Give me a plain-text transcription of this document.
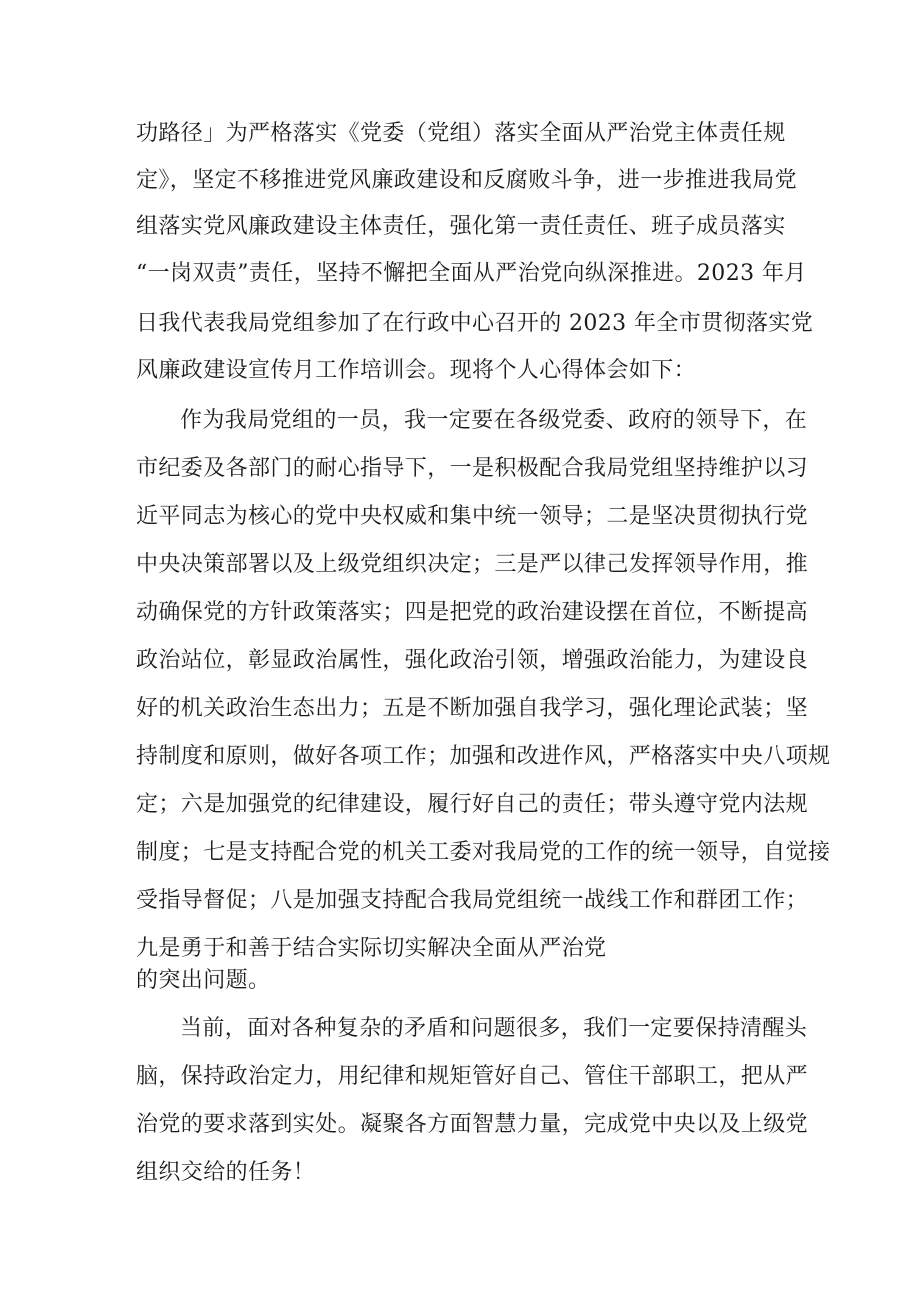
功路径」为严格落实《党委（党组）落实全面从严治党主体责任规
定》，坚定不移推进党风廉政建设和反腐败斗争，进一步推进我局党
组落实党风廉政建设主体责任，强化第一责任责任、班子成员落实
“一岗双责”责任，坚持不懈把全面从严治党向纵深推进。2023 年月
日我代表我局党组参加了在行政中心召开的 2023 年全市贯彻落实党
风廉政建设宣传月工作培训会。现将个人心得体会如下：
作为我局党组的一员，我一定要在各级党委、政府的领导下，在
市纪委及各部门的耐心指导下，一是积极配合我局党组坚持维护以习
近平同志为核心的党中央权威和集中统一领导；二是坚决贯彻执行党
中央决策部署以及上级党组织决定；三是严以律己发挥领导作用，推
动确保党的方针政策落实；四是把党的政治建设摆在首位，不断提高
政治站位，彰显政治属性，强化政治引领，增强政治能力，为建设良
好的机关政治生态出力；五是不断加强自我学习，强化理论武装；坚
持制度和原则，做好各项工作；加强和改进作风，严格落实中央八项规
定；六是加强党的纪律建设，履行好自己的责任；带头遵守党内法规
制度；七是支持配合党的机关工委对我局党的工作的统一领导，自觉接
受指导督促；八是加强支持配合我局党组统一战线工作和群团工作；
九是勇于和善于结合实际切实解决全面从严治党
的突出问题。
当前，面对各种复杂的矛盾和问题很多，我们一定要保持清醒头
脑，保持政治定力，用纪律和规矩管好自己、管住干部职工，把从严
治党的要求落到实处。凝聚各方面智慧力量，完成党中央以及上级党
组织交给的任务！
